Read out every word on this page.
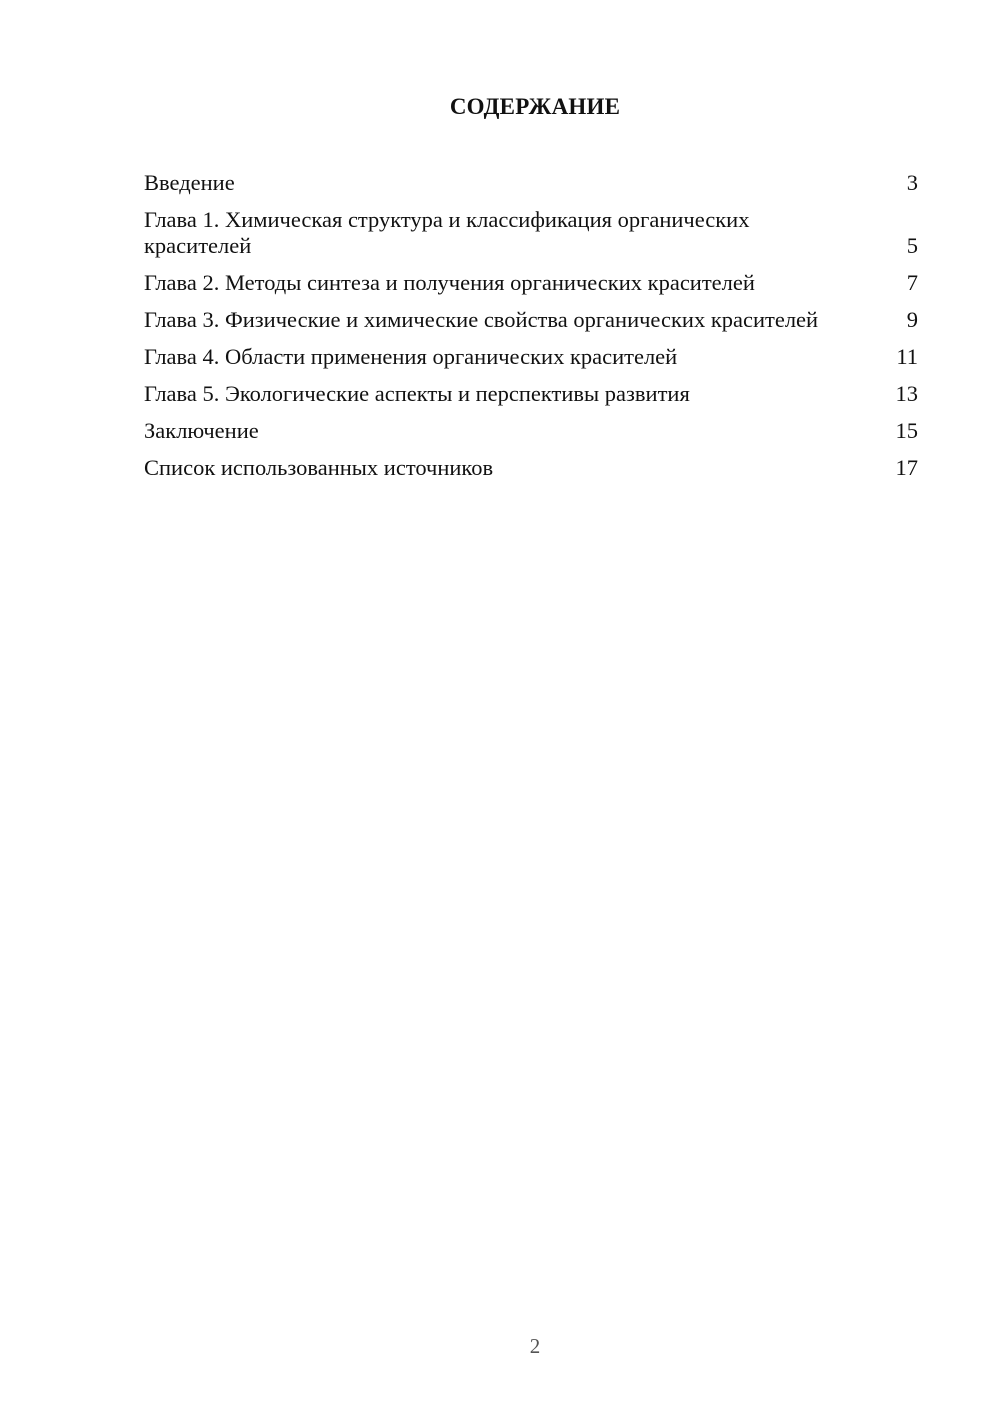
СОДЕРЖАНИЕ
Введение	3
Глава 1. Химическая структура и классификация органических красителей	5
Глава 2. Методы синтеза и получения органических красителей	7
Глава 3. Физические и химические свойства органических красителей	9
Глава 4. Области применения органических красителей	11
Глава 5. Экологические аспекты и перспективы развития	13
Заключение	15
Список использованных источников	17
2
